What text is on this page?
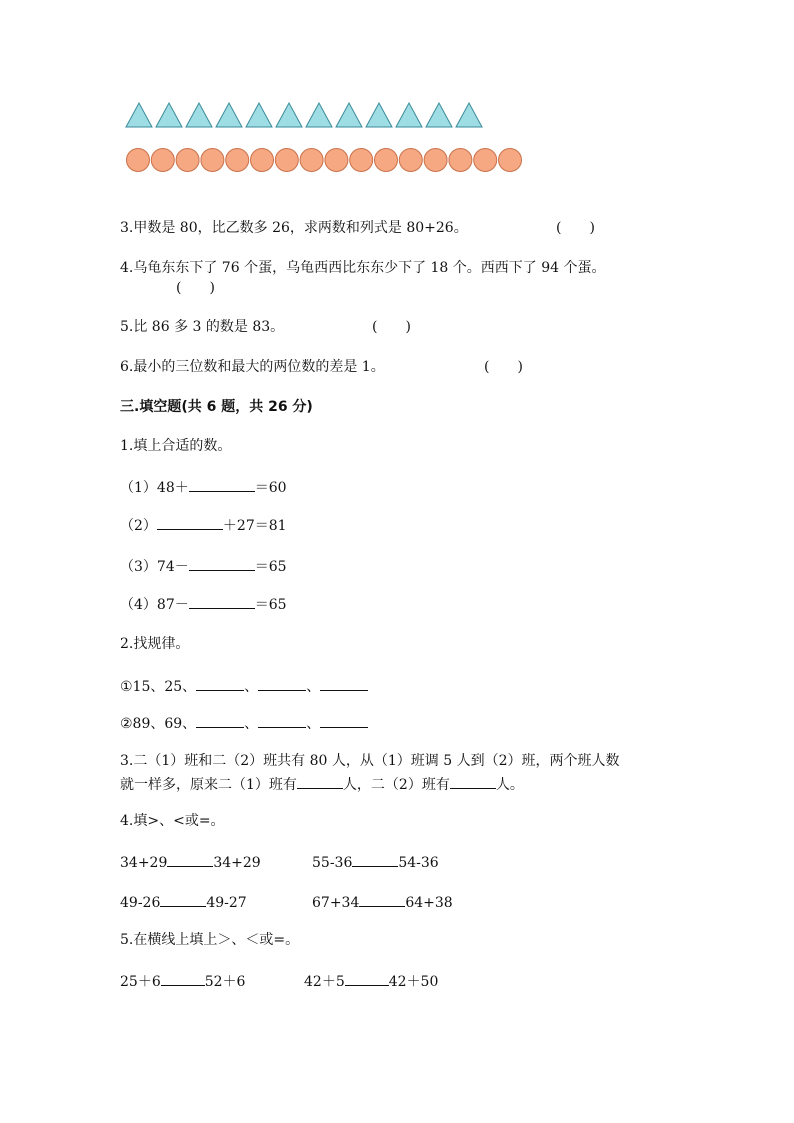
3.甲数是 80，比乙数多 26，求两数和列式是 80+26。	(　　)
4.乌龟东东下了 76 个蛋，乌龟西西比东东少下了 18 个。西西下了 94 个蛋。
(　　)
5.比 86 多 3 的数是 83。	(　　)
6.最小的三位数和最大的两位数的差是 1。	(　　)
三.填空题(共 6 题，共 26 分)
1.填上合适的数。
（1）48＋	＝60
（2）	＋27＝81
（3）74－	＝65
（4）87－	＝65
2.找规律。
①15、25、	、	、
②89、69、	、	、
3.二（1）班和二（2）班共有 80 人，从（1）班调 5 人到（2）班，两个班人数
就一样多，原来二（1）班有	人，二（2）班有	人。
4.填>、<或=。
34+29	34+29	55-36	54-36
49-26	49-27	67+34	64+38
5.在横线上填上＞、＜或=。
25＋6	52＋6	42＋5	42＋50
